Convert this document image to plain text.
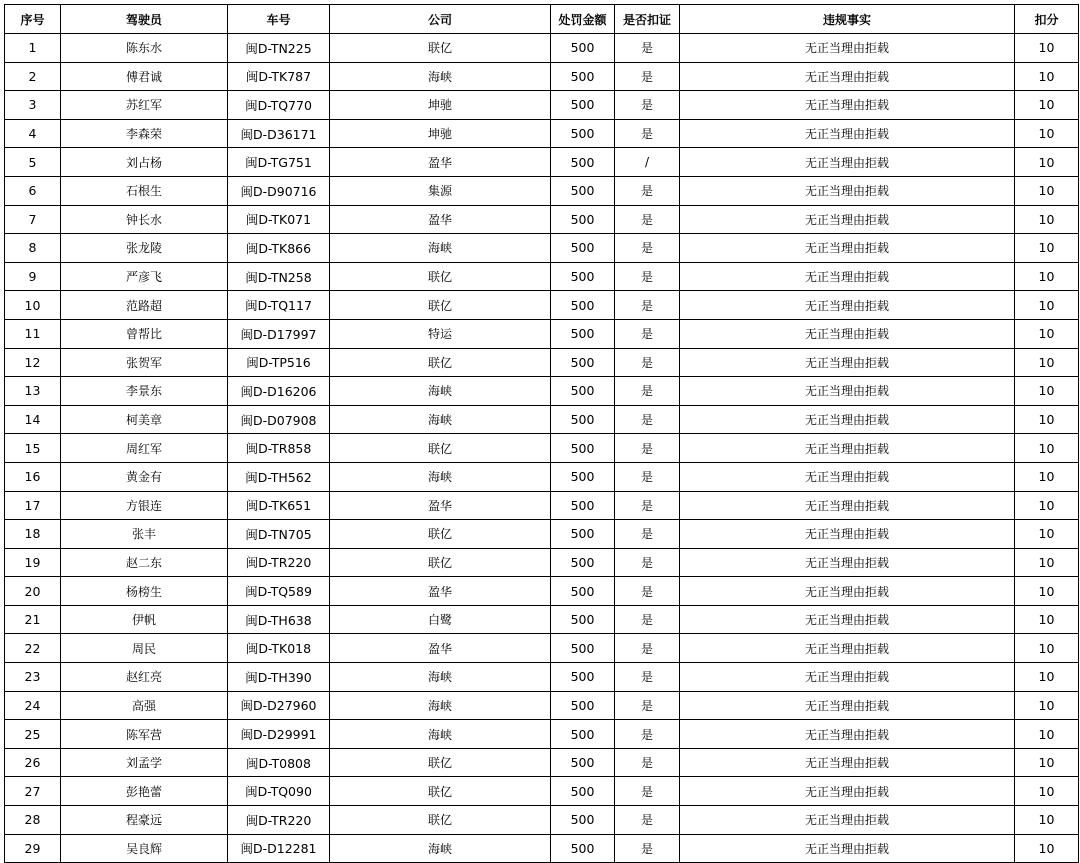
序号	驾驶员	车号	公司	处罚金额	是否扣证	违规事实	扣分
1	陈东水	闽D-TN225	联亿	500	是	无正当理由拒载	10
2	傅君诚	闽D-TK787	海峡	500	是	无正当理由拒载	10
3	苏红军	闽D-TQ770	坤驰	500	是	无正当理由拒载	10
4	李森荣	闽D-D36171	坤驰	500	是	无正当理由拒载	10
5	刘占杨	闽D-TG751	盈华	500	/	无正当理由拒载	10
6	石根生	闽D-D90716	集源	500	是	无正当理由拒载	10
7	钟长水	闽D-TK071	盈华	500	是	无正当理由拒载	10
8	张龙陵	闽D-TK866	海峡	500	是	无正当理由拒载	10
9	严彦飞	闽D-TN258	联亿	500	是	无正当理由拒载	10
10	范路超	闽D-TQ117	联亿	500	是	无正当理由拒载	10
11	曾帮比	闽D-D17997	特运	500	是	无正当理由拒载	10
12	张贺军	闽D-TP516	联亿	500	是	无正当理由拒载	10
13	李景东	闽D-D16206	海峡	500	是	无正当理由拒载	10
14	柯美章	闽D-D07908	海峡	500	是	无正当理由拒载	10
15	周红军	闽D-TR858	联亿	500	是	无正当理由拒载	10
16	黄金有	闽D-TH562	海峡	500	是	无正当理由拒载	10
17	方银连	闽D-TK651	盈华	500	是	无正当理由拒载	10
18	张丰	闽D-TN705	联亿	500	是	无正当理由拒载	10
19	赵二东	闽D-TR220	联亿	500	是	无正当理由拒载	10
20	杨榜生	闽D-TQ589	盈华	500	是	无正当理由拒载	10
21	伊帆	闽D-TH638	白鹭	500	是	无正当理由拒载	10
22	周民	闽D-TK018	盈华	500	是	无正当理由拒载	10
23	赵红亮	闽D-TH390	海峡	500	是	无正当理由拒载	10
24	高强	闽D-D27960	海峡	500	是	无正当理由拒载	10
25	陈军营	闽D-D29991	海峡	500	是	无正当理由拒载	10
26	刘孟学	闽D-T0808	联亿	500	是	无正当理由拒载	10
27	彭艳蕾	闽D-TQ090	联亿	500	是	无正当理由拒载	10
28	程豪远	闽D-TR220	联亿	500	是	无正当理由拒载	10
29	吴良辉	闽D-D12281	海峡	500	是	无正当理由拒载	10
